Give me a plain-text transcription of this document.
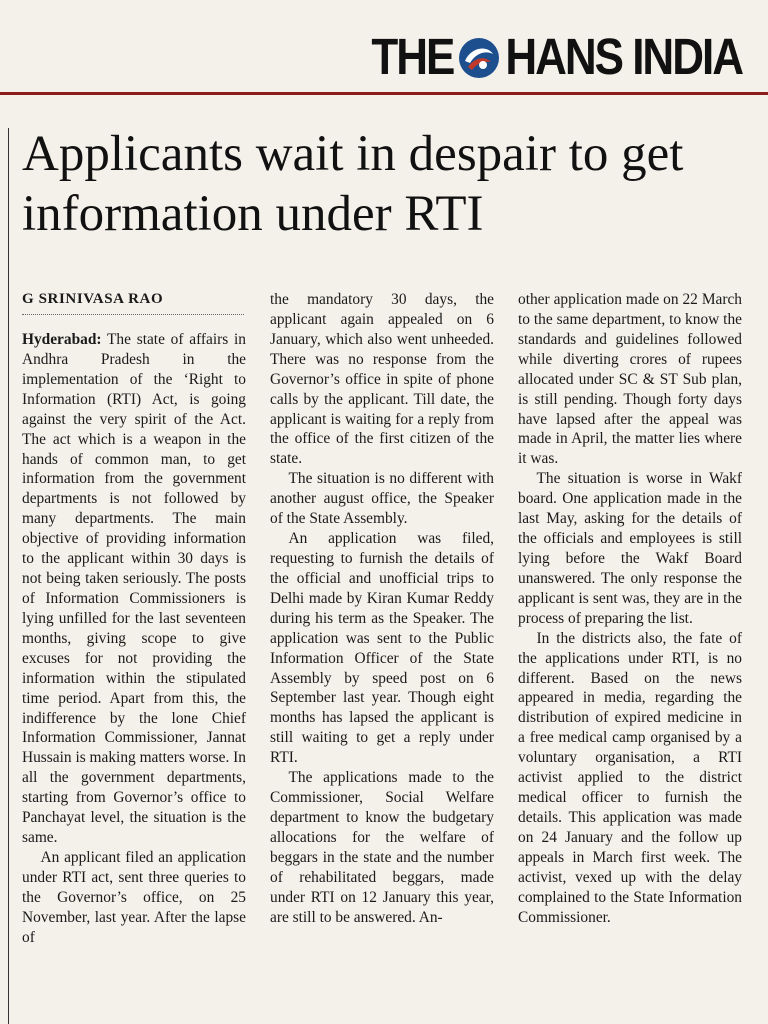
THE HANS INDIA
Applicants wait in despair to get information under RTI
G SRINIVASA RAO

Hyderabad: The state of affairs in Andhra Pradesh in the implementation of the ‘Right to Information (RTI) Act, is going against the very spirit of the Act. The act which is a weapon in the hands of common man, to get information from the government departments is not followed by many departments. The main objective of providing information to the applicant within 30 days is not being taken seriously. The posts of Information Commissioners is lying unfilled for the last seventeen months, giving scope to give excuses for not providing the information within the stipulated time period. Apart from this, the indifference by the lone Chief Information Commissioner, Jannat Hussain is making matters worse. In all the government departments, starting from Governor’s office to Panchayat level, the situation is the same.

An applicant filed an application under RTI act, sent three queries to the Governor’s office, on 25 November, last year. After the lapse of

the mandatory 30 days, the applicant again appealed on 6 January, which also went unheeded. There was no response from the Governor’s office in spite of phone calls by the applicant. Till date, the applicant is waiting for a reply from the office of the first citizen of the state.

The situation is no different with another august office, the Speaker of the State Assembly.

An application was filed, requesting to furnish the details of the official and unofficial trips to Delhi made by Kiran Kumar Reddy during his term as the Speaker. The application was sent to the Public Information Officer of the State Assembly by speed post on 6 September last year. Though eight months has lapsed the applicant is still waiting to get a reply under RTI.

The applications made to the Commissioner, Social Welfare department to know the budgetary allocations for the welfare of beggars in the state and the number of rehabilitated beggars, made under RTI on 12 January this year, are still to be answered. An-

other application made on 22 March to the same department, to know the standards and guidelines followed while diverting crores of rupees allocated under SC & ST Sub plan, is still pending. Though forty days have lapsed after the appeal was made in April, the matter lies where it was.

The situation is worse in Wakf board. One application made in the last May, asking for the details of the officials and employees is still lying before the Wakf Board unanswered. The only response the applicant is sent was, they are in the process of preparing the list.

In the districts also, the fate of the applications under RTI, is no different. Based on the news appeared in media, regarding the distribution of expired medicine in a free medical camp organised by a voluntary organisation, a RTI activist applied to the district medical officer to furnish the details. This application was made on 24 January and the follow up appeals in March first week. The activist, vexed up with the delay complained to the State Information Commissioner.
